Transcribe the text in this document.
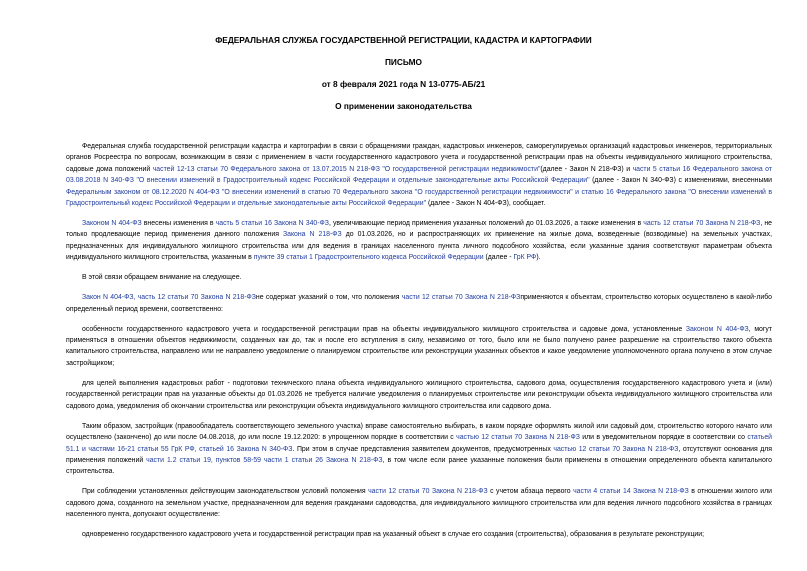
ФЕДЕРАЛЬНАЯ СЛУЖБА ГОСУДАРСТВЕННОЙ РЕГИСТРАЦИИ, КАДАСТРА И КАРТОГРАФИИ
ПИСЬМО
от 8 февраля 2021 года N 13-0775-АБ/21
О применении законодательства

Федеральная служба государственной регистрации кадастра и картографии в связи с обращениями граждан, кадастровых инженеров, саморегулируемых организаций кадастровых инженеров, территориальных органов Росреестра по вопросам, возникающим в связи с применением в части государственного кадастрового учета и государственной регистрации прав на объекты индивидуального жилищного строительства, садовые дома положений частей 12-13 статьи 70 Федерального закона от 13.07.2015 N 218-ФЗ "О государственной регистрации недвижимости"(далее - Закон N 218-ФЗ) и части 5 статьи 16 Федерального закона от 03.08.2018 N 340-ФЗ "О внесении изменений в Градостроительный кодекс Российской Федерации и отдельные законодательные акты Российской Федерации" (далее - Закон N 340-ФЗ) с изменениями, внесенными Федеральным законом от 08.12.2020 N 404-ФЗ "О внесении изменений в статью 70 Федерального закона "О государственной регистрации недвижимости" и статью 16 Федерального закона "О внесении изменений в Градостроительный кодекс Российской Федерации и отдельные законодательные акты Российской Федерации" (далее - Закон N 404-ФЗ), сообщает.

Законом N 404-ФЗ внесены изменения в часть 5 статьи 16 Закона N 340-ФЗ, увеличивающие период применения указанных положений до 01.03.2026, а также изменения в часть 12 статьи 70 Закона N 218-ФЗ, не только продлевающие период применения данного положения Закона N 218-ФЗ до 01.03.2026, но и распространяющих их применение на жилые дома, возведенные (возводимые) на земельных участках, предназначенных для индивидуального жилищного строительства или для ведения в границах населенного пункта личного подсобного хозяйства, если указанные здания соответствуют параметрам объекта индивидуального жилищного строительства, указанным в пункте 39 статьи 1 Градостроительного кодекса Российской Федерации (далее - ГрК РФ).

В этой связи обращаем внимание на следующее.

Закон N 404-ФЗ, часть 12 статьи 70 Закона N 218-ФЗне содержат указаний о том, что положения части 12 статьи 70 Закона N 218-ФЗприменяются к объектам, строительство которых осуществлено в какой-либо определенный период времени, соответственно:

особенности государственного кадастрового учета и государственной регистрации прав на объекты индивидуального жилищного строительства и садовые дома, установленные Законом N 404-ФЗ, могут применяться в отношении объектов недвижимости, созданных как до, так и после его вступления в силу, независимо от того, было или не было получено ранее разрешение на строительство такого объекта капитального строительства, направлено или не направлено уведомление о планируемом строительстве или реконструкции указанных объектов и какое уведомление уполномоченного органа получено в этом случае застройщиком;

для целей выполнения кадастровых работ - подготовки технического плана объекта индивидуального жилищного строительства, садового дома, осуществления государственного кадастрового учета и (или) государственной регистрации прав на указанные объекты до 01.03.2026 не требуется наличие уведомления о планируемых строительстве или реконструкции объекта индивидуального жилищного строительства или садового дома, уведомления об окончании строительства или реконструкции объекта индивидуального жилищного строительства или садового дома.

Таким образом, застройщик (правообладатель соответствующего земельного участка) вправе самостоятельно выбирать, в каком порядке оформлять жилой или садовый дом, строительство которого начато или осуществлено (закончено) до или после 04.08.2018, до или после 19.12.2020: в упрощенном порядке в соответствии с частью 12 статьи 70 Закона N 218-ФЗ или в уведомительном порядке в соответствии со статьей 51.1 и частями 16-21 статьи 55 ГрК РФ, статьей 16 Закона N 340-ФЗ. При этом в случае представления заявителем документов, предусмотренных частью 12 статьи 70 Закона N 218-ФЗ, отсутствуют основания для применения положений части 1.2 статьи 19, пунктов 58-59 части 1 статьи 26 Закона N 218-ФЗ, в том числе если ранее указанные положения были применены в отношении определенного объекта капитального строительства.

При соблюдении установленных действующим законодательством условий положения части 12 статьи 70 Закона N 218-ФЗ с учетом абзаца первого части 4 статьи 14 Закона N 218-ФЗ в отношении жилого или садового дома, созданного на земельном участке, предназначенном для ведения гражданами садоводства, для индивидуального жилищного строительства или для ведения личного подсобного хозяйства в границах населенного пункта, допускают осуществление:

одновременно государственного кадастрового учета и государственной регистрации прав на указанный объект в случае его создания (строительства), образования в результате реконструкции;
